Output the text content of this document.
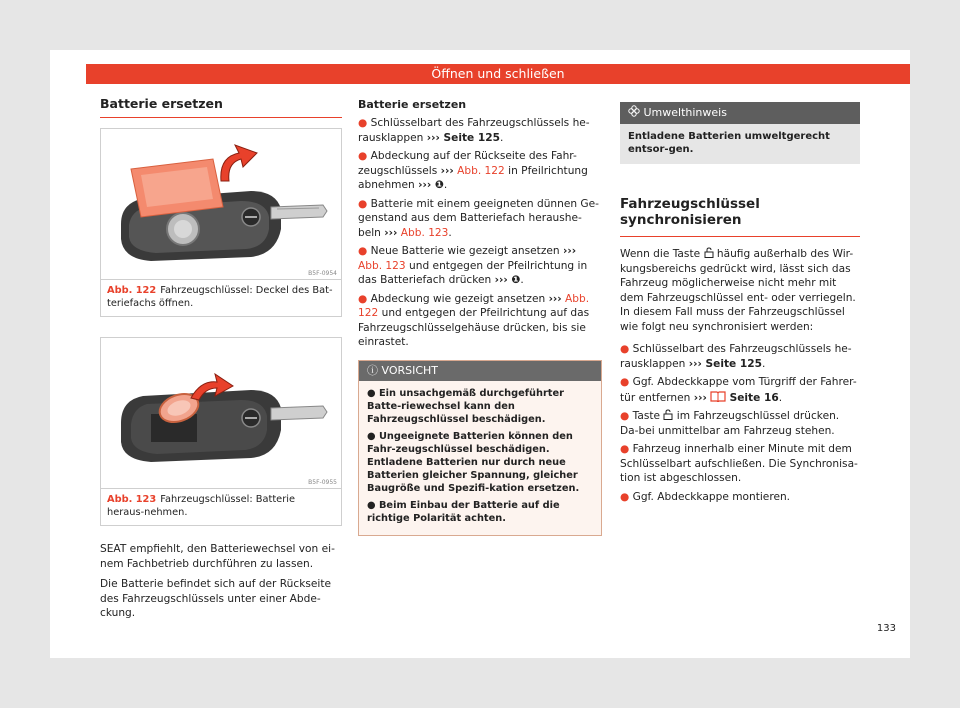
Öffnen und schließen
Batterie ersetzen
B5F-0954
Abb. 122 Fahrzeugschlüssel: Deckel des Bat-teriefachs öffnen.
B5F-0955
Abb. 123 Fahrzeugschlüssel: Batterie heraus-nehmen.

SEAT empfiehlt, den Batteriewechsel von ei-nem Fachbetrieb durchführen zu lassen.

Die Batterie befindet sich auf der Rückseite des Fahrzeugschlüssels unter einer Abde-ckung.

Batterie ersetzen
● Schlüsselbart des Fahrzeugschlüssels he-rausklappen ››› Seite 125.
● Abdeckung auf der Rückseite des Fahr-zeugschlüssels ››› Abb. 122 in Pfeilrichtung abnehmen ››› ❶.
● Batterie mit einem geeigneten dünnen Ge-genstand aus dem Batteriefach heraushe-beln ››› Abb. 123.
● Neue Batterie wie gezeigt ansetzen ››› Abb. 123 und entgegen der Pfeilrichtung in das Batteriefach drücken ››› ❶.
● Abdeckung wie gezeigt ansetzen ››› Abb. 122 und entgegen der Pfeilrichtung auf das Fahrzeugschlüsselgehäuse drücken, bis sie einrastet.
ⓘ VORSICHT
● Ein unsachgemäß durchgeführter Batte-riewechsel kann den Fahrzeugschlüssel beschädigen.
● Ungeeignete Batterien können den Fahr-zeugschlüssel beschädigen. Entladene Batterien nur durch neue Batterien gleicher Spannung, gleicher Baugröße und Spezifi-kation ersetzen.
● Beim Einbau der Batterie auf die richtige Polarität achten.
Umwelthinweis
Entladene Batterien umweltgerecht entsor-gen.
Fahrzeugschlüssel synchronisieren

Wenn die Taste häufig außerhalb des Wir-kungsbereichs gedrückt wird, lässt sich das Fahrzeug möglicherweise nicht mehr mit dem Fahrzeugschlüssel ent- oder verriegeln. In diesem Fall muss der Fahrzeugschlüssel wie folgt neu synchronisiert werden:

● Schlüsselbart des Fahrzeugschlüssels he-rausklappen ››› Seite 125.
● Ggf. Abdeckkappe vom Türgriff der Fahrer-tür entfernen ››› Seite 16.
● Taste im Fahrzeugschlüssel drücken. Da-bei unmittelbar am Fahrzeug stehen.
● Fahrzeug innerhalb einer Minute mit dem Schlüsselbart aufschließen. Die Synchronisa-tion ist abgeschlossen.
● Ggf. Abdeckkappe montieren.
133
